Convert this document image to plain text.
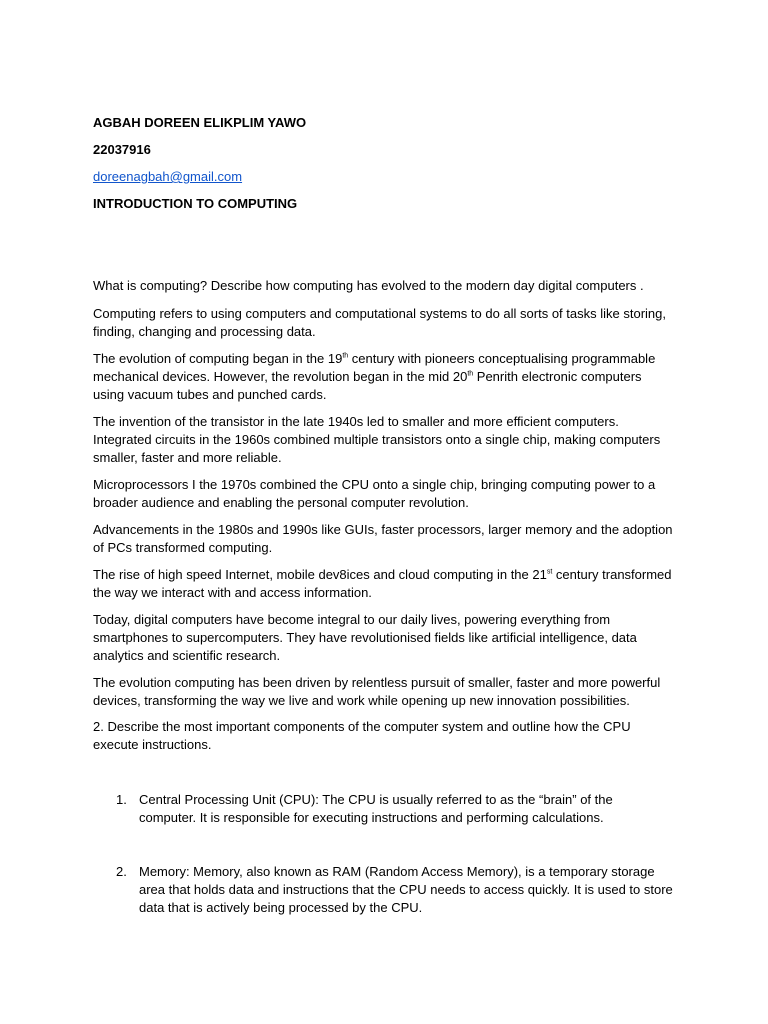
AGBAH DOREEN ELIKPLIM YAWO

22037916

doreenagbah@gmail.com

INTRODUCTION TO COMPUTING

What is computing? Describe how computing has evolved to the modern day digital computers .

Computing refers to using computers and computational systems to do all sorts of tasks like storing, finding, changing and processing data.

The evolution of computing began in the 19th century with pioneers conceptualising programmable mechanical devices. However, the revolution began in the mid 20th Penrith electronic computers using vacuum tubes and punched cards.

The invention of the transistor in the late 1940s led to smaller and more efficient computers. Integrated circuits in the 1960s combined multiple transistors onto a single chip, making computers smaller, faster and more reliable.

Microprocessors I the 1970s combined the CPU onto a single chip, bringing computing power to a broader audience and enabling the personal computer revolution.

Advancements in the 1980s and 1990s like GUIs, faster processors, larger memory and the adoption of PCs transformed computing.

The rise of high speed Internet, mobile dev8ices and cloud computing in the 21st century transformed the way we interact with and access information.

Today, digital computers have become integral to our daily lives, powering everything from smartphones to supercomputers. They have revolutionised fields like artificial intelligence, data analytics and scientific research.

The evolution computing has been driven by relentless pursuit of smaller, faster and more powerful devices, transforming the way we live and work while opening up new innovation possibilities.

2. Describe the most important components of the computer system and outline how the CPU execute instructions.

1. Central Processing Unit (CPU): The CPU is usually referred to as the “brain” of the computer. It is responsible for executing instructions and performing calculations.

2. Memory: Memory, also known as RAM (Random Access Memory), is a temporary storage area that holds data and instructions that the CPU needs to access quickly. It is used to store data that is actively being processed by the CPU.
